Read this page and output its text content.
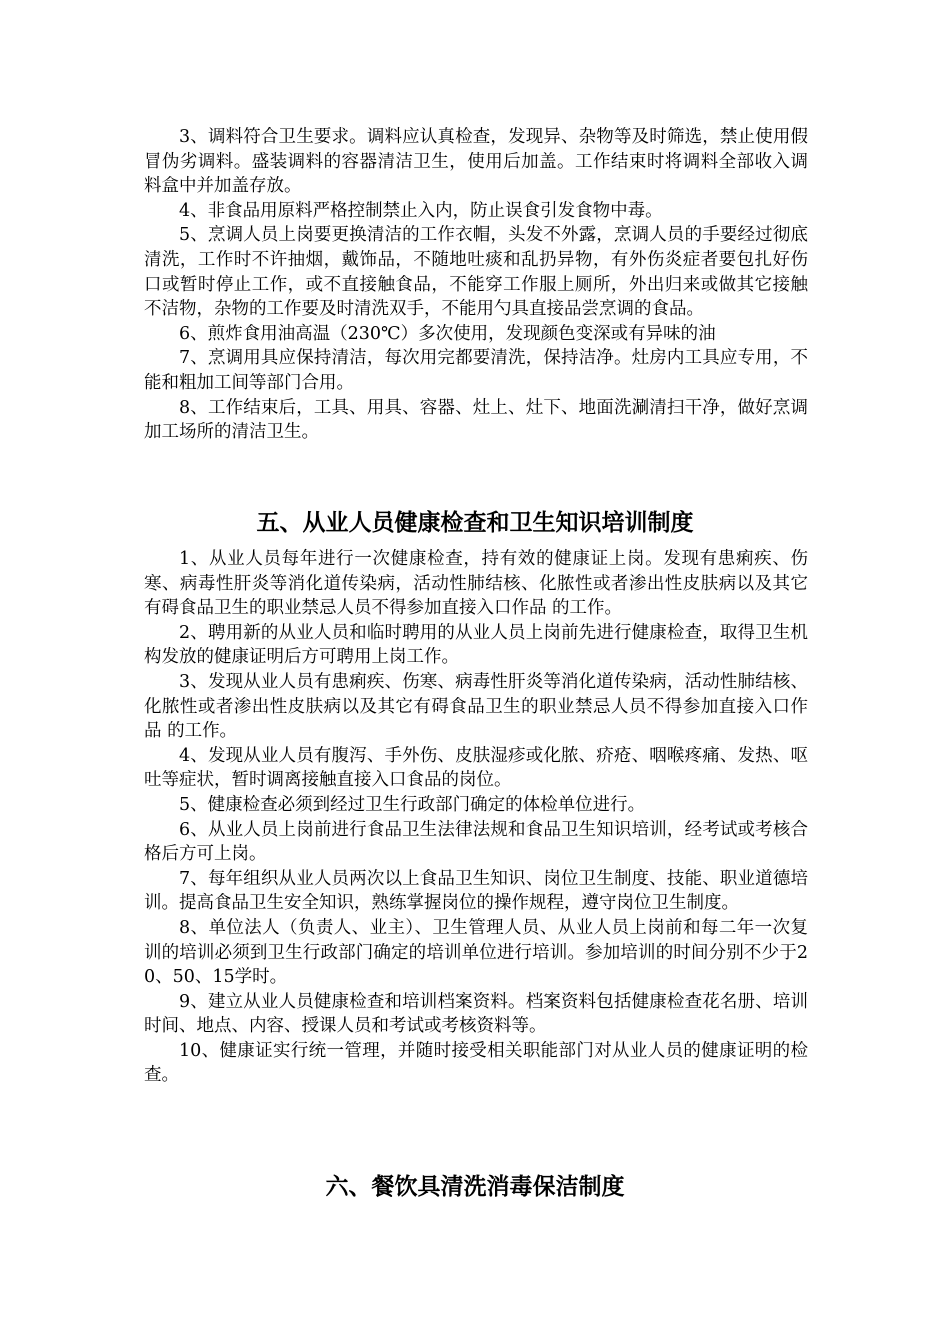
3、调料符合卫生要求。调料应认真检查，发现异、杂物等及时筛选，禁止使用假冒伪劣调料。盛装调料的容器清洁卫生，使用后加盖。工作结束时将调料全部收入调料盒中并加盖存放。

4、非食品用原料严格控制禁止入内，防止误食引发食物中毒。

5、烹调人员上岗要更换清洁的工作衣帽，头发不外露，烹调人员的手要经过彻底清洗，工作时不许抽烟，戴饰品，不随地吐痰和乱扔异物，有外伤炎症者要包扎好伤口或暂时停止工作，或不直接触食品，不能穿工作服上厕所，外出归来或做其它接触不洁物，杂物的工作要及时清洗双手，不能用勺具直接品尝烹调的食品。

6、煎炸食用油高温（230℃）多次使用，发现颜色变深或有异味的油

7、烹调用具应保持清洁，每次用完都要清洗，保持洁净。灶房内工具应专用，不能和粗加工间等部门合用。

8、工作结束后，工具、用具、容器、灶上、灶下、地面洗涮清扫干净，做好烹调加工场所的清洁卫生。

五、从业人员健康检查和卫生知识培训制度

1、从业人员每年进行一次健康检查，持有效的健康证上岗。发现有患痢疾、伤寒、病毒性肝炎等消化道传染病，活动性肺结核、化脓性或者渗出性皮肤病以及其它有碍食品卫生的职业禁忌人员不得参加直接入口作品 的工作。

2、聘用新的从业人员和临时聘用的从业人员上岗前先进行健康检查，取得卫生机构发放的健康证明后方可聘用上岗工作。

3、发现从业人员有患痢疾、伤寒、病毒性肝炎等消化道传染病，活动性肺结核、化脓性或者渗出性皮肤病以及其它有碍食品卫生的职业禁忌人员不得参加直接入口作品 的工作。

4、发现从业人员有腹泻、手外伤、皮肤湿疹或化脓、疥疮、咽喉疼痛、发热、呕吐等症状，暂时调离接触直接入口食品的岗位。

5、健康检查必须到经过卫生行政部门确定的体检单位进行。

6、从业人员上岗前进行食品卫生法律法规和食品卫生知识培训，经考试或考核合格后方可上岗。

7、每年组织从业人员两次以上食品卫生知识、岗位卫生制度、技能、职业道德培训。提高食品卫生安全知识，熟练掌握岗位的操作规程，遵守岗位卫生制度。

8、单位法人（负责人、业主）、卫生管理人员、从业人员上岗前和每二年一次复训的培训必须到卫生行政部门确定的培训单位进行培训。参加培训的时间分别不少于20、50、15学时。

9、建立从业人员健康检查和培训档案资料。档案资料包括健康检查花名册、培训时间、地点、内容、授课人员和考试或考核资料等。

10、健康证实行统一管理，并随时接受相关职能部门对从业人员的健康证明的检查。

六、餐饮具清洗消毒保洁制度
